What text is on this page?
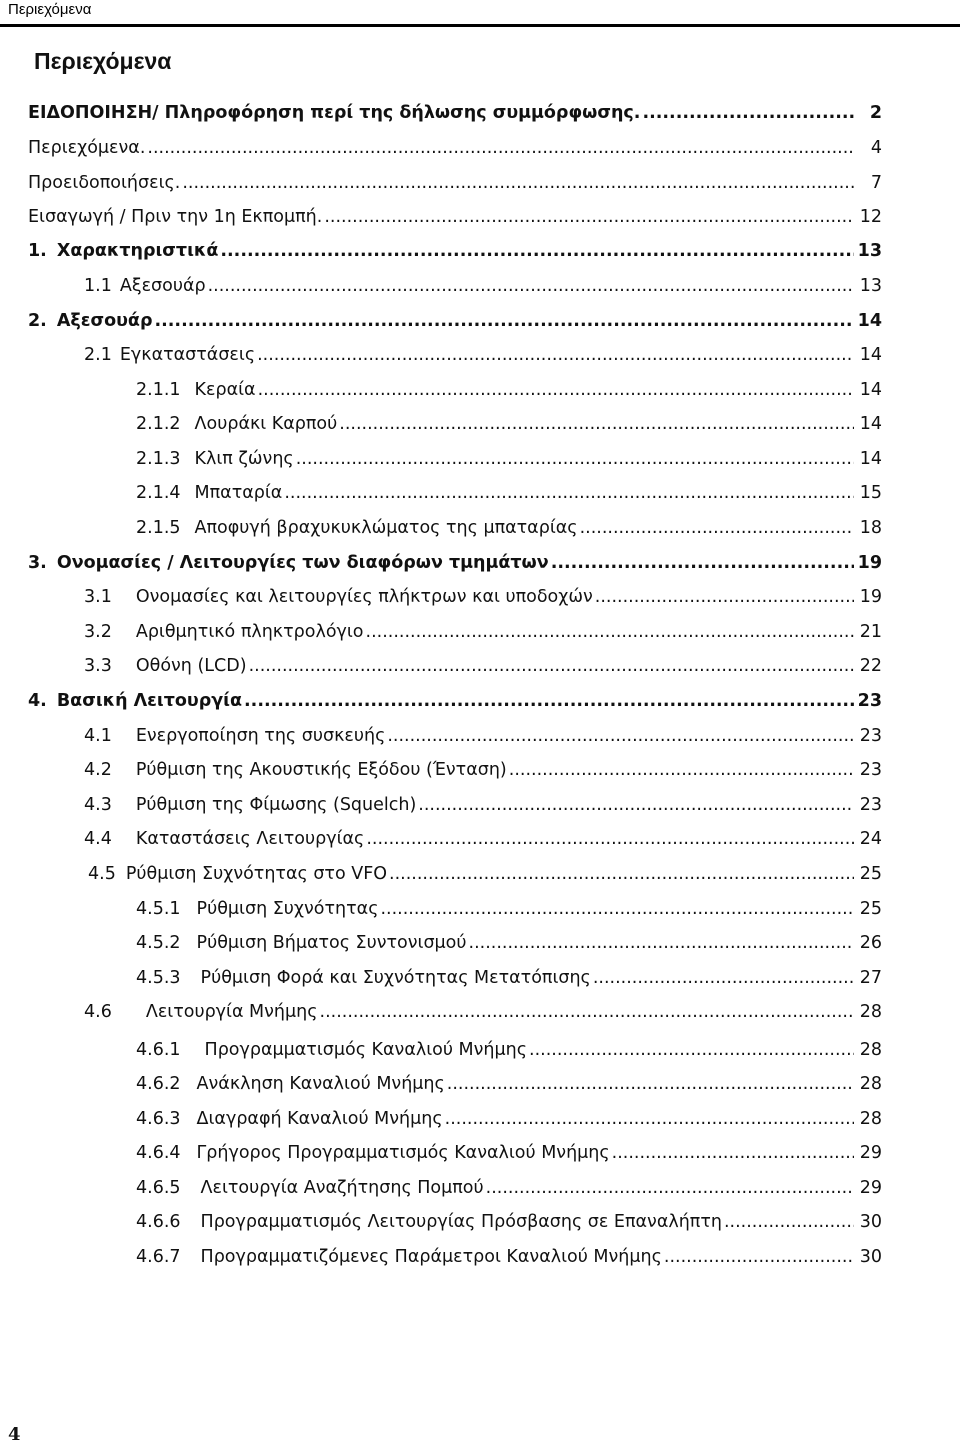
Περιεχόμενα
Περιεχόμενα
ΕΙΔΟΠΟΙΗΣΗ/ Πληροφόρηση περί της δήλωσης συμμόρφωσης. .....	2
Περιεχόμενα. .....	4
Προειδοποιήσεις. .....	7
Εισαγωγή / Πριν την 1η Εκπομπή. .....	12
1. Χαρακτηριστικά .....	13
1.1 Αξεσουάρ .....	13
2. Αξεσουάρ .....	14
2.1 Εγκαταστάσεις .....	14
2.1.1 Κεραία .....	14
2.1.2 Λουράκι Καρπού .....	14
2.1.3 Κλιπ ζώνης .....	14
2.1.4 Μπαταρία .....	15
2.1.5 Αποφυγή βραχυκυκλώματος της μπαταρίας .....	18
3. Ονομασίες / Λειτουργίες των διαφόρων τμημάτων .....	19
3.1 Ονομασίες και λειτουργίες πλήκτρων και υποδοχών .....	19
3.2 Αριθμητικό πληκτρολόγιο .....	21
3.3 Οθόνη (LCD) .....	22
4. Βασική Λειτουργία .....	23
4.1 Ενεργοποίηση της συσκευής .....	23
4.2 Ρύθμιση της Ακουστικής Εξόδου (Ένταση) .....	23
4.3 Ρύθμιση της Φίμωσης (Squelch) .....	23
4.4 Καταστάσεις Λειτουργίας .....	24
4.5 Ρύθμιση Συχνότητας στο VFO .....	25
4.5.1 Ρύθμιση Συχνότητας .....	25
4.5.2 Ρύθμιση Βήματος Συντονισμού .....	26
4.5.3 Ρύθμιση Φορά και Συχνότητας Μετατόπισης .....	27
4.6 Λειτουργία Μνήμης .....	28
4.6.1 Προγραμματισμός Καναλιού Μνήμης .....	28
4.6.2 Ανάκληση Καναλιού Μνήμης .....	28
4.6.3 Διαγραφή Καναλιού Μνήμης .....	28
4.6.4 Γρήγορος Προγραμματισμός Καναλιού Μνήμης .....	29
4.6.5 Λειτουργία Αναζήτησης Πομπού .....	29
4.6.6 Προγραμματισμός Λειτουργίας Πρόσβασης σε Επαναλήπτη .....	30
4.6.7 Προγραμματιζόμενες Παράμετροι Καναλιού Μνήμης .....	30
4
